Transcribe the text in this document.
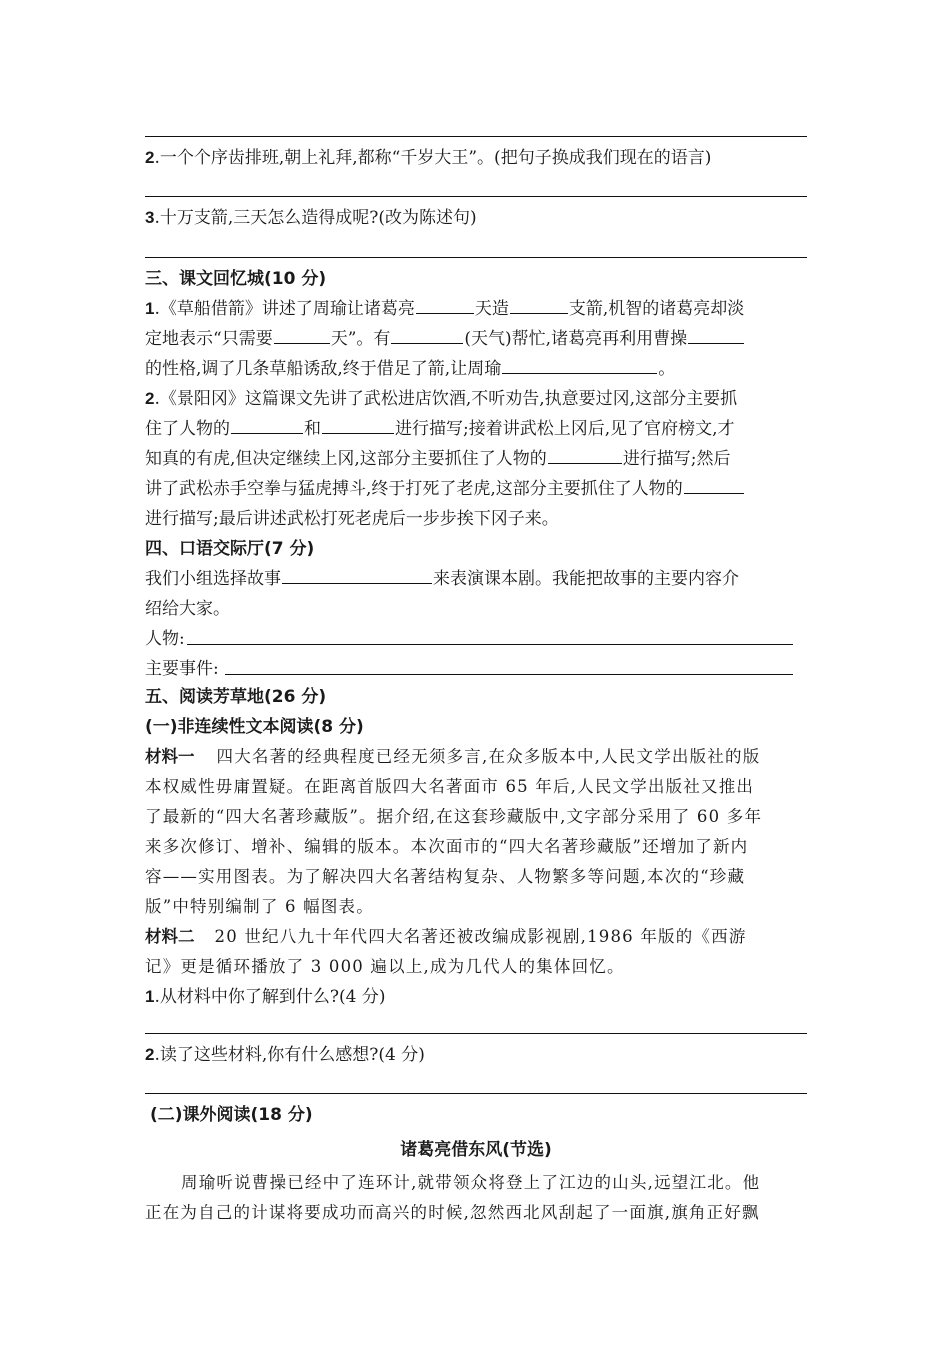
2.一个个序齿排班,朝上礼拜,都称“千岁大王”。(把句子换成我们现在的语言)
3.十万支箭,三天怎么造得成呢?(改为陈述句)
三、课文回忆城(10 分)
1.《草船借箭》讲述了周瑜让诸葛亮	天造	支箭,机智的诸葛亮却淡
定地表示“只需要	天”。有	(天气)帮忙,诸葛亮再利用曹操
的性格,调了几条草船诱敌,终于借足了箭,让周瑜	。
2.《景阳冈》这篇课文先讲了武松进店饮酒,不听劝告,执意要过冈,这部分主要抓
住了人物的	和	进行描写;接着讲武松上冈后,见了官府榜文,才
知真的有虎,但决定继续上冈,这部分主要抓住了人物的	进行描写;然后
讲了武松赤手空拳与猛虎搏斗,终于打死了老虎,这部分主要抓住了人物的
进行描写;最后讲述武松打死老虎后一步步挨下冈子来。
四、口语交际厅(7 分)
我们小组选择故事	来表演课本剧。我能把故事的主要内容介
绍给大家。
人物:
主要事件:
五、阅读芳草地(26 分)
(一)非连续性文本阅读(8 分)
材料一 四大名著的经典程度已经无须多言,在众多版本中,人民文学出版社的版
本权威性毋庸置疑。在距离首版四大名著面市 65 年后,人民文学出版社又推出
了最新的“四大名著珍藏版”。据介绍,在这套珍藏版中,文字部分采用了 60 多年
来多次修订、增补、编辑的版本。本次面市的“四大名著珍藏版”还增加了新内
容——实用图表。为了解决四大名著结构复杂、人物繁多等问题,本次的“珍藏
版”中特别编制了 6 幅图表。
材料二 20 世纪八九十年代四大名著还被改编成影视剧,1986 年版的《西游
记》更是循环播放了 3 000 遍以上,成为几代人的集体回忆。
1.从材料中你了解到什么?(4 分)
2.读了这些材料,你有什么感想?(4 分)
(二)课外阅读(18 分)
诸葛亮借东风(节选)
周瑜听说曹操已经中了连环计,就带领众将登上了江边的山头,远望江北。他
正在为自己的计谋将要成功而高兴的时候,忽然西北风刮起了一面旗,旗角正好飘
